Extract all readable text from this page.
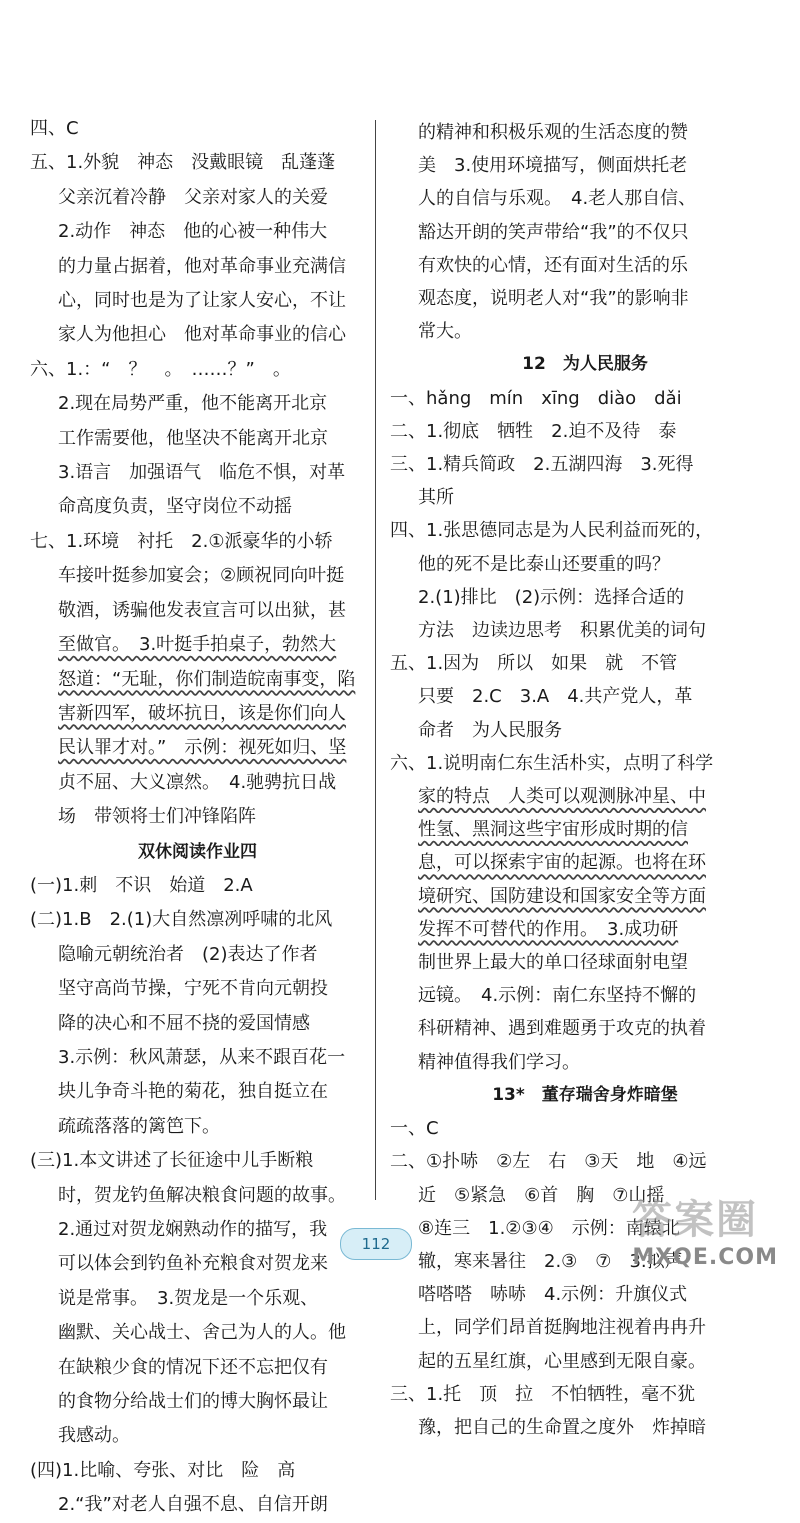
四、C
五、1.外貌　神态　没戴眼镜　乱蓬蓬
父亲沉着冷静　父亲对家人的关爱
2.动作　神态　他的心被一种伟大
的力量占据着，他对革命事业充满信
心，同时也是为了让家人安心，不让
家人为他担心　他对革命事业的信心
六、1.：“　？　。　……？”　。
2.现在局势严重，他不能离开北京
工作需要他，他坚决不能离开北京
3.语言　加强语气　临危不惧，对革
命高度负责，坚守岗位不动摇
七、1.环境　衬托　2.①派豪华的小轿
车接叶挺参加宴会；②顾祝同向叶挺
敬酒，诱骗他发表宣言可以出狱，甚
至做官。　3.叶挺手拍桌子，勃然大
怒道：“无耻，你们制造皖南事变，陷
害新四军，破坏抗日，该是你们向人
民认罪才对。”　示例：视死如归、坚
贞不屈、大义凛然。　4.驰骋抗日战
场　带领将士们冲锋陷阵
双休阅读作业四
(一)1.刺　不识　始道　2.A
(二)1.B　2.(1)大自然凛冽呼啸的北风
隐喻元朝统治者　(2)表达了作者
坚守高尚节操，宁死不肯向元朝投
降的决心和不屈不挠的爱国情感
3.示例：秋风萧瑟，从来不跟百花一
块儿争奇斗艳的菊花，独自挺立在
疏疏落落的篱笆下。
(三)1.本文讲述了长征途中儿手断粮
时，贺龙钓鱼解决粮食问题的故事。
2.通过对贺龙娴熟动作的描写，我
可以体会到钓鱼补充粮食对贺龙来
说是常事。　3.贺龙是一个乐观、
幽默、关心战士、舍己为人的人。他
在缺粮少食的情况下还不忘把仅有
的食物分给战士们的博大胸怀最让
我感动。
(四)1.比喻、夸张、对比　险　高
2.“我”对老人自强不息、自信开朗
的精神和积极乐观的生活态度的赞
美　3.使用环境描写，侧面烘托老
人的自信与乐观。　4.老人那自信、
豁达开朗的笑声带给“我”的不仅只
有欢快的心情，还有面对生活的乐
观态度，说明老人对“我”的影响非
常大。
12　为人民服务
一、hǎng　mín　xīng　diào　dǎi
二、1.彻底　牺牲　2.迫不及待　泰
三、1.精兵简政　2.五湖四海　3.死得
其所
四、1.张思德同志是为人民利益而死的，
他的死不是比泰山还要重的吗？
2.(1)排比　(2)示例：选择合适的
方法　边读边思考　积累优美的词句
五、1.因为　所以　如果　就　不管
只要　2.C　3.A　4.共产党人，革
命者　为人民服务
六、1.说明南仁东生活朴实，点明了科学
家的特点　人类可以观测脉冲星、中
性氢、黑洞这些宇宙形成时期的信
息，可以探索宇宙的起源。也将在环
境研究、国防建设和国家安全等方面
发挥不可替代的作用。　3.成功研
制世界上最大的单口径球面射电望
远镜。　4.示例：南仁东坚持不懈的
科研精神、遇到难题勇于攻克的执着
精神值得我们学习。
13*　董存瑞舍身炸暗堡
一、C
二、①扑哧　②左　右　③天　地　④远
近　⑤紧急　⑥首　胸　⑦山摇
⑧连三　1.②③④　示例：南辕北
辙，寒来暑往　2.③　⑦　3.拟声
嗒嗒嗒　哧哧　4.示例：升旗仪式
上，同学们昂首挺胸地注视着冉冉升
起的五星红旗，心里感到无限自豪。
三、1.托　顶　拉　不怕牺牲，毫不犹
豫，把自己的生命置之度外　炸掉暗
112
答案圈
MXQE.COM
